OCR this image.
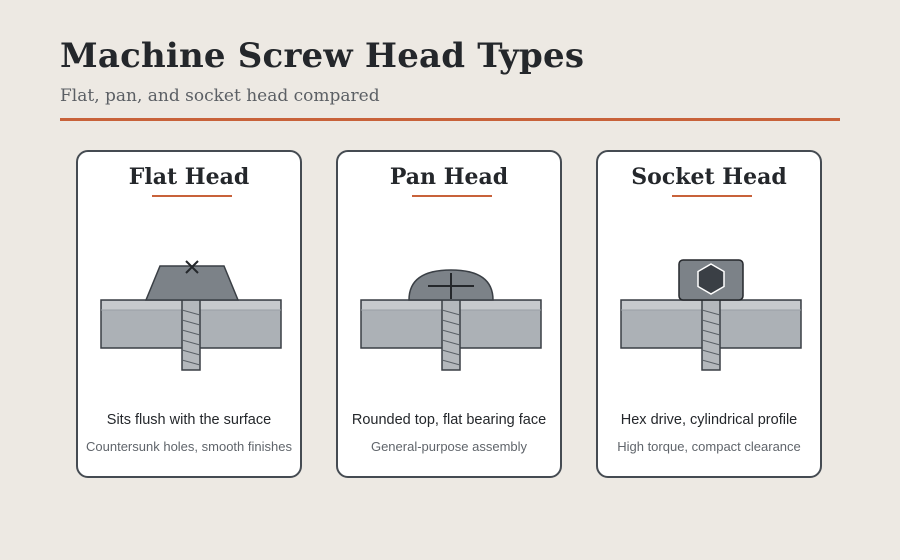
Machine Screw Head Types
Flat, pan, and socket head compared
Flat Head
Sits flush with the surface
Countersunk holes, smooth finishes
Pan Head
Rounded top, flat bearing face
General-purpose assembly
Socket Head
Hex drive, cylindrical profile
High torque, compact clearance
